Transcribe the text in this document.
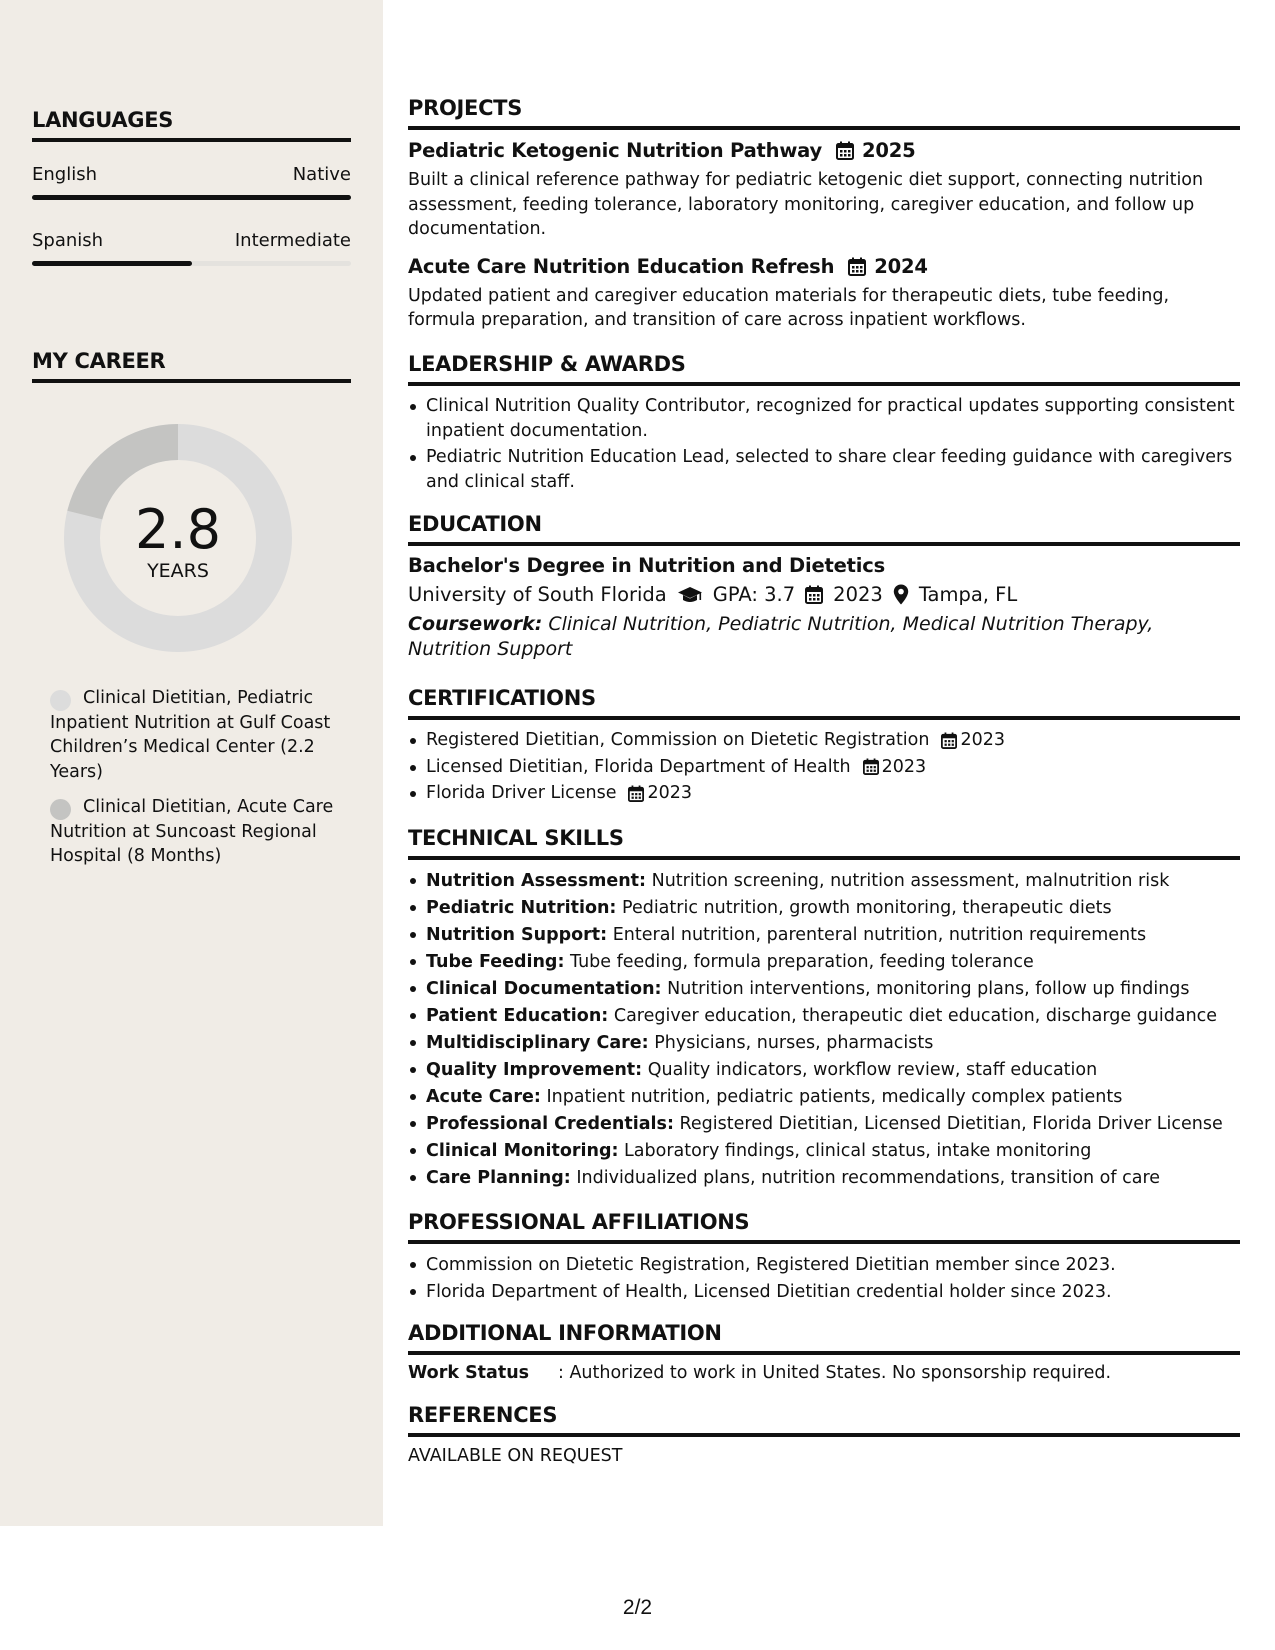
LANGUAGES
English	Native
Spanish	Intermediate
MY CAREER
2.8
YEARS
Clinical Dietitian, Pediatric Inpatient Nutrition at Gulf Coast Children’s Medical Center (2.2 Years)
Clinical Dietitian, Acute Care Nutrition at Suncoast Regional Hospital (8 Months)
PROJECTS
Pediatric Ketogenic Nutrition Pathway 2025
Built a clinical reference pathway for pediatric ketogenic diet support, connecting nutrition assessment, feeding tolerance, laboratory monitoring, caregiver education, and follow up documentation.
Acute Care Nutrition Education Refresh 2024
Updated patient and caregiver education materials for therapeutic diets, tube feeding, formula preparation, and transition of care across inpatient workflows.
LEADERSHIP & AWARDS
Clinical Nutrition Quality Contributor, recognized for practical updates supporting consistent inpatient documentation.
Pediatric Nutrition Education Lead, selected to share clear feeding guidance with caregivers and clinical staff.
EDUCATION
Bachelor's Degree in Nutrition and Dietetics
University of South Florida GPA: 3.7 2023 Tampa, FL
Coursework: Clinical Nutrition, Pediatric Nutrition, Medical Nutrition Therapy, Nutrition Support
CERTIFICATIONS
Registered Dietitian, Commission on Dietetic Registration 2023
Licensed Dietitian, Florida Department of Health 2023
Florida Driver License 2023
TECHNICAL SKILLS
Nutrition Assessment: Nutrition screening, nutrition assessment, malnutrition risk
Pediatric Nutrition: Pediatric nutrition, growth monitoring, therapeutic diets
Nutrition Support: Enteral nutrition, parenteral nutrition, nutrition requirements
Tube Feeding: Tube feeding, formula preparation, feeding tolerance
Clinical Documentation: Nutrition interventions, monitoring plans, follow up findings
Patient Education: Caregiver education, therapeutic diet education, discharge guidance
Multidisciplinary Care: Physicians, nurses, pharmacists
Quality Improvement: Quality indicators, workflow review, staff education
Acute Care: Inpatient nutrition, pediatric patients, medically complex patients
Professional Credentials: Registered Dietitian, Licensed Dietitian, Florida Driver License
Clinical Monitoring: Laboratory findings, clinical status, intake monitoring
Care Planning: Individualized plans, nutrition recommendations, transition of care
PROFESSIONAL AFFILIATIONS
Commission on Dietetic Registration, Registered Dietitian member since 2023.
Florida Department of Health, Licensed Dietitian credential holder since 2023.
ADDITIONAL INFORMATION
Work Status	: Authorized to work in United States. No sponsorship required.
REFERENCES
AVAILABLE ON REQUEST
2/2
